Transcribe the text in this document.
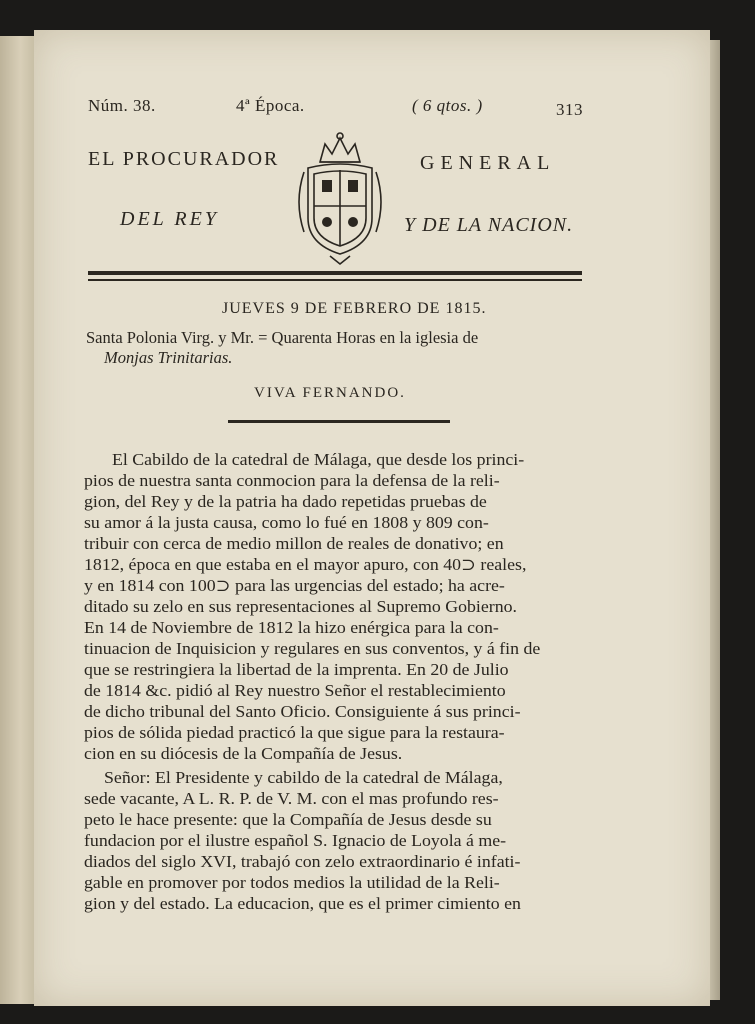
Núm. 38.	4ª Época.	( 6 qtos. )	313
EL PROCURADOR	GENERAL
DEL REY	Y DE LA NACION.
JUEVES 9 DE FEBRERO DE 1815.
Santa Polonia Virg. y Mr. = Quarenta Horas en la iglesia de
Monjas Trinitarias.
VIVA FERNANDO.
El Cabildo de la catedral de Málaga, que desde los princi-
pios de nuestra santa conmocion para la defensa de la reli-
gion, del Rey y de la patria ha dado repetidas pruebas de
su amor á la justa causa, como lo fué en 1808 y 809 con-
tribuir con cerca de medio millon de reales de donativo; en
1812, época en que estaba en el mayor apuro, con 40⊃ reales,
y en 1814 con 100⊃ para las urgencias del estado; ha acre-
ditado su zelo en sus representaciones al Supremo Gobierno.
En 14 de Noviembre de 1812 la hizo enérgica para la con-
tinuacion de Inquisicion y regulares en sus conventos, y á fin de
que se restringiera la libertad de la imprenta. En 20 de Julio
de 1814 &c. pidió al Rey nuestro Señor el restablecimiento
de dicho tribunal del Santo Oficio. Consiguiente á sus princi-
pios de sólida piedad practicó la que sigue para la restaura-
cion en su diócesis de la Compañía de Jesus.
Señor: El Presidente y cabildo de la catedral de Málaga,
sede vacante, A L. R. P. de V. M. con el mas profundo res-
peto le hace presente: que la Compañía de Jesus desde su
fundacion por el ilustre español S. Ignacio de Loyola á me-
diados del siglo XVI, trabajó con zelo extraordinario é infati-
gable en promover por todos medios la utilidad de la Reli-
gion y del estado. La educacion, que es el primer cimiento en
